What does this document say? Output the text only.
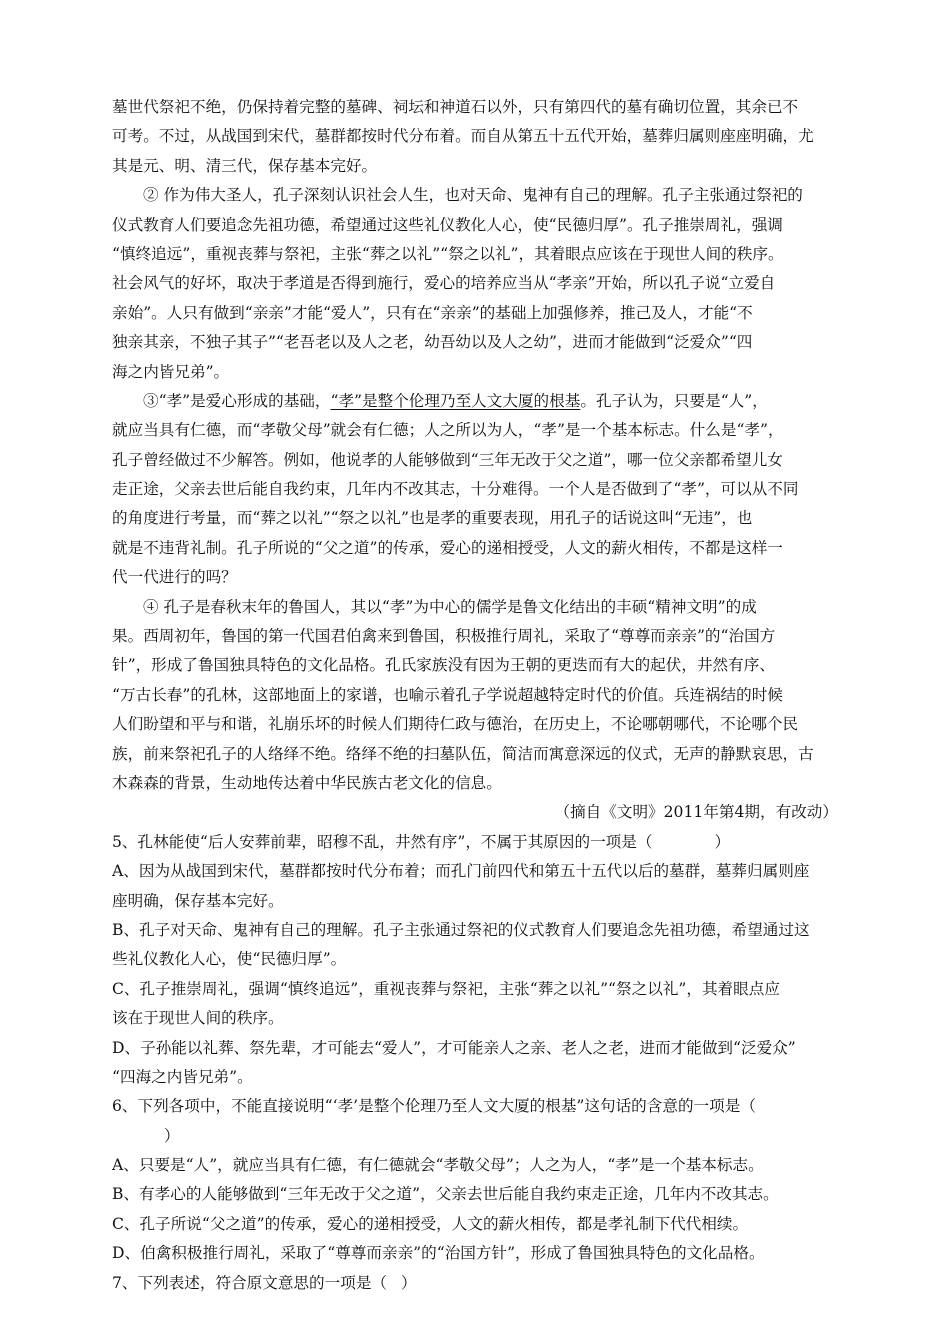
墓世代祭祀不绝，仍保持着完整的墓碑、祠坛和神道石以外，只有第四代的墓有确切位置，其余已不
可考。不过，从战国到宋代，墓群都按时代分布着。而自从第五十五代开始，墓葬归属则座座明确，尤
其是元、明、清三代，保存基本完好。
② 作为伟大圣人，孔子深刻认识社会人生，也对天命、鬼神有自己的理解。孔子主张通过祭祀的
仪式教育人们要追念先祖功德，希望通过这些礼仪教化人心，使“民德归厚”。孔子推崇周礼，强调
“慎终追远”，重视丧葬与祭祀，主张“葬之以礼”“祭之以礼”，其着眼点应该在于现世人间的秩序。
社会风气的好坏，取决于孝道是否得到施行，爱心的培养应当从“孝亲”开始，所以孔子说“立爱自
亲始”。人只有做到“亲亲”才能“爱人”，只有在“亲亲”的基础上加强修养，推己及人，才能“不
独亲其亲，不独子其子”“老吾老以及人之老，幼吾幼以及人之幼”，进而才能做到“泛爱众”“四
海之内皆兄弟”。
③“孝”是爱心形成的基础，“孝”是整个伦理乃至人文大厦的根基。孔子认为，只要是“人”，
就应当具有仁德，而“孝敬父母”就会有仁德；人之所以为人，“孝”是一个基本标志。什么是“孝”，
孔子曾经做过不少解答。例如，他说孝的人能够做到“三年无改于父之道”，哪一位父亲都希望儿女
走正途，父亲去世后能自我约束，几年内不改其志，十分难得。一个人是否做到了“孝”，可以从不同
的角度进行考量，而“葬之以礼”“祭之以礼”也是孝的重要表现，用孔子的话说这叫“无违”，也
就是不违背礼制。孔子所说的“父之道”的传承，爱心的递相授受，人文的薪火相传，不都是这样一
代一代进行的吗？
④ 孔子是春秋末年的鲁国人，其以“孝”为中心的儒学是鲁文化结出的丰硕“精神文明”的成
果。西周初年，鲁国的第一代国君伯禽来到鲁国，积极推行周礼，采取了“尊尊而亲亲”的“治国方
针”，形成了鲁国独具特色的文化品格。孔氏家族没有因为王朝的更迭而有大的起伏，井然有序、
“万古长春”的孔林，这部地面上的家谱，也喻示着孔子学说超越特定时代的价值。兵连祸结的时候
人们盼望和平与和谐，礼崩乐坏的时候人们期待仁政与德治，在历史上，不论哪朝哪代，不论哪个民
族，前来祭祀孔子的人络绎不绝。络绎不绝的扫墓队伍，简洁而寓意深远的仪式，无声的静默哀思，古
木森森的背景，生动地传达着中华民族古老文化的信息。
（摘自《文明》2011年第4期，有改动）
5、孔林能使“后人安葬前辈，昭穆不乱，井然有序”，不属于其原因的一项是（	）
A、因为从战国到宋代，墓群都按时代分布着；而孔门前四代和第五十五代以后的墓群，墓葬归属则座
座明确，保存基本完好。
B、孔子对天命、鬼神有自己的理解。孔子主张通过祭祀的仪式教育人们要追念先祖功德，希望通过这
些礼仪教化人心，使“民德归厚”。
C、孔子推崇周礼，强调“慎终追远”，重视丧葬与祭祀，主张“葬之以礼”“祭之以礼”，其着眼点应
该在于现世人间的秩序。
D、子孙能以礼葬、祭先辈，才可能去“爱人”，才可能亲人之亲、老人之老，进而才能做到“泛爱众”
“四海之内皆兄弟”。
6、下列各项中，不能直接说明“‘孝’是整个伦理乃至人文大厦的根基”这句话的含意的一项是（
）
A、只要是“人”，就应当具有仁德，有仁德就会“孝敬父母”；人之为人，“孝”是一个基本标志。
B、有孝心的人能够做到“三年无改于父之道”，父亲去世后能自我约束走正途，几年内不改其志。
C、孔子所说“父之道”的传承，爱心的递相授受，人文的薪火相传，都是孝礼制下代代相续。
D、伯禽积极推行周礼，采取了“尊尊而亲亲”的“治国方针”，形成了鲁国独具特色的文化品格。
7、下列表述，符合原文意思的一项是（ ）
